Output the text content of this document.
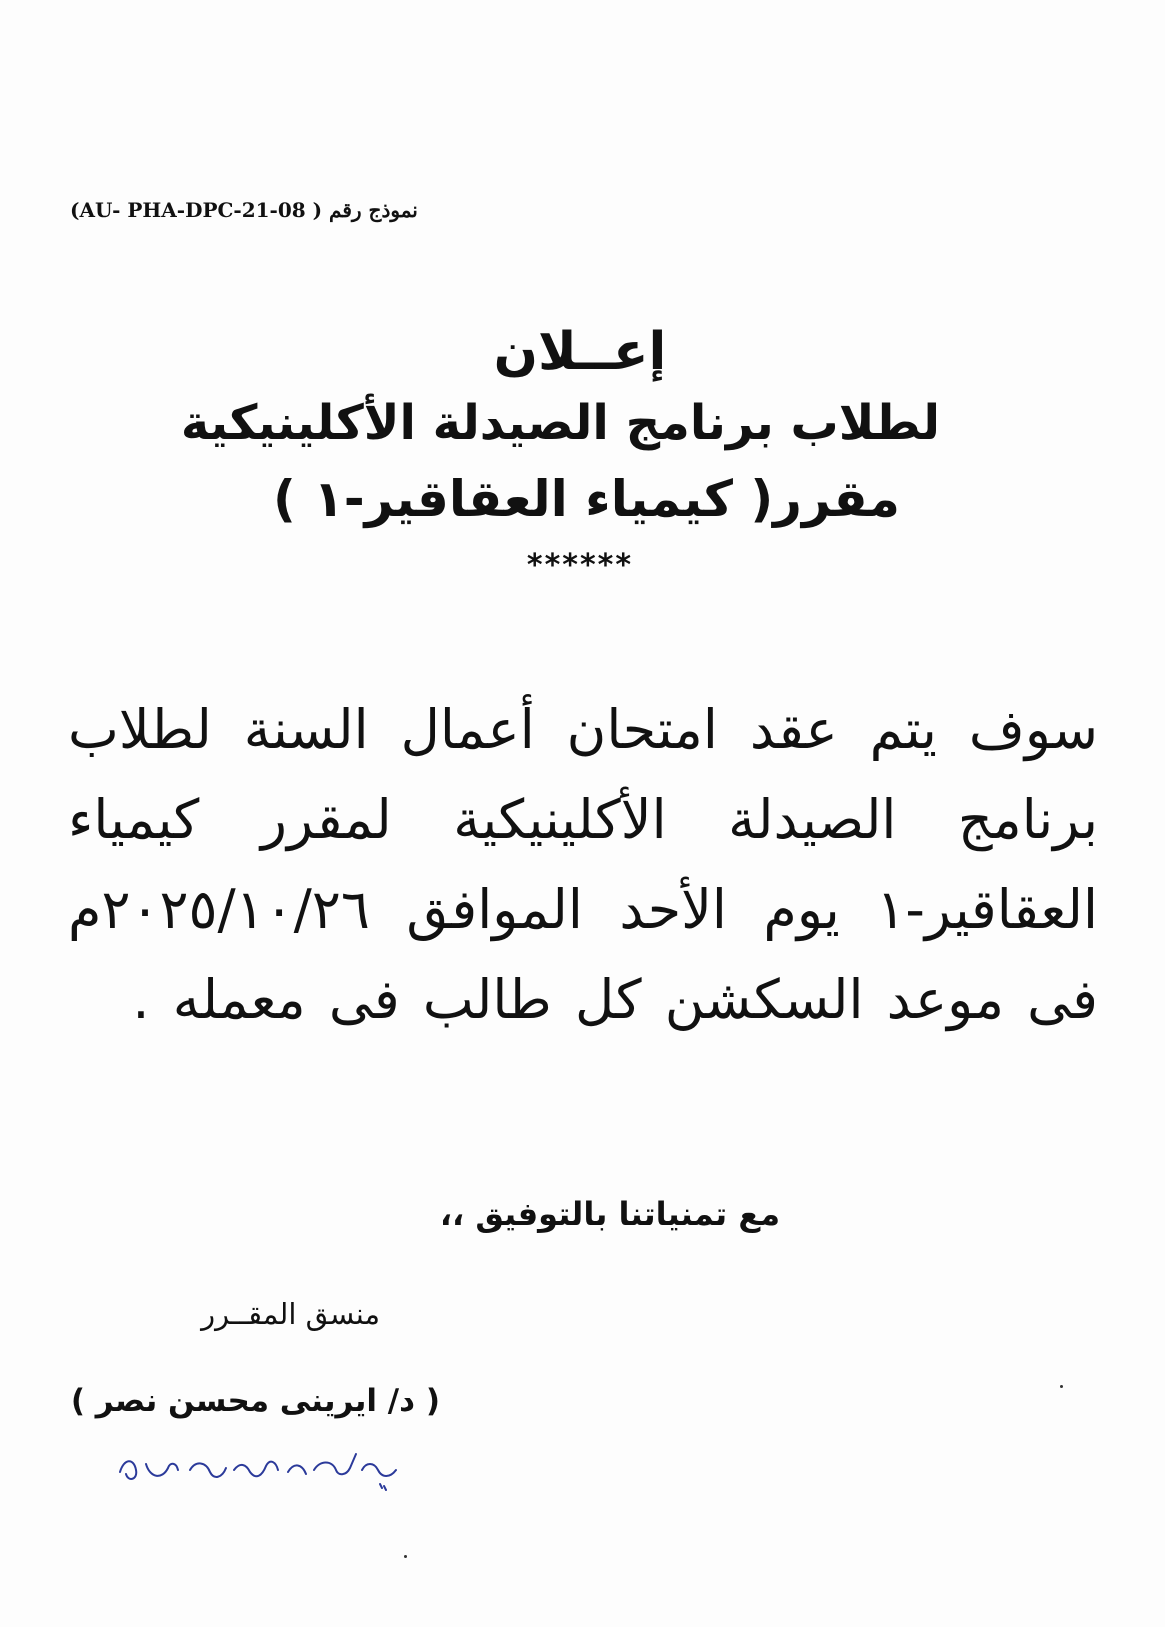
نموذج رقم ( AU- PHA-DPC-21-08)
إعــلان
لطلاب برنامج الصيدلة الأكلينيكية
مقرر( كيمياء العقاقير-١ )
******
سوف يتم عقد امتحان أعمال السنة لطلاب برنامج الصيدلة الأكلينيكية لمقرر كيمياء العقاقير-١ يوم الأحد الموافق ٢٠٢٥/١٠/٢٦م فى موعد السكشن كل طالب فى معمله .
مع تمنياتنا بالتوفيق ،،
منسق المقــرر
( د/ ايرينى محسن نصر )
